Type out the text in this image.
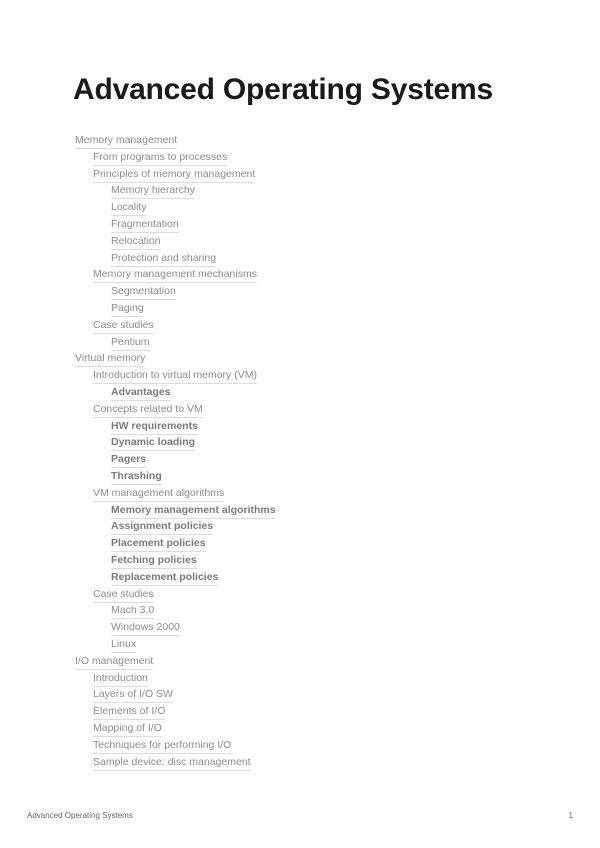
Advanced Operating Systems
Memory management
From programs to processes
Principles of memory management
Memory hierarchy
Locality
Fragmentation
Relocation
Protection and sharing
Memory management mechanisms
Segmentation
Paging
Case studies
Pentium
Virtual memory
Introduction to virtual memory (VM)
Advantages
Concepts related to VM
HW requirements
Dynamic loading
Pagers
Thrashing
VM management algorithms
Memory management algorithms
Assignment policies
Placement policies
Fetching policies
Replacement policies
Case studies
Mach 3.0
Windows 2000
Linux
I/O management
Introduction
Layers of I/O SW
Elements of I/O
Mapping of I/O
Techniques for performing I/O
Sample device: disc management
Advanced Operating Systems	1
